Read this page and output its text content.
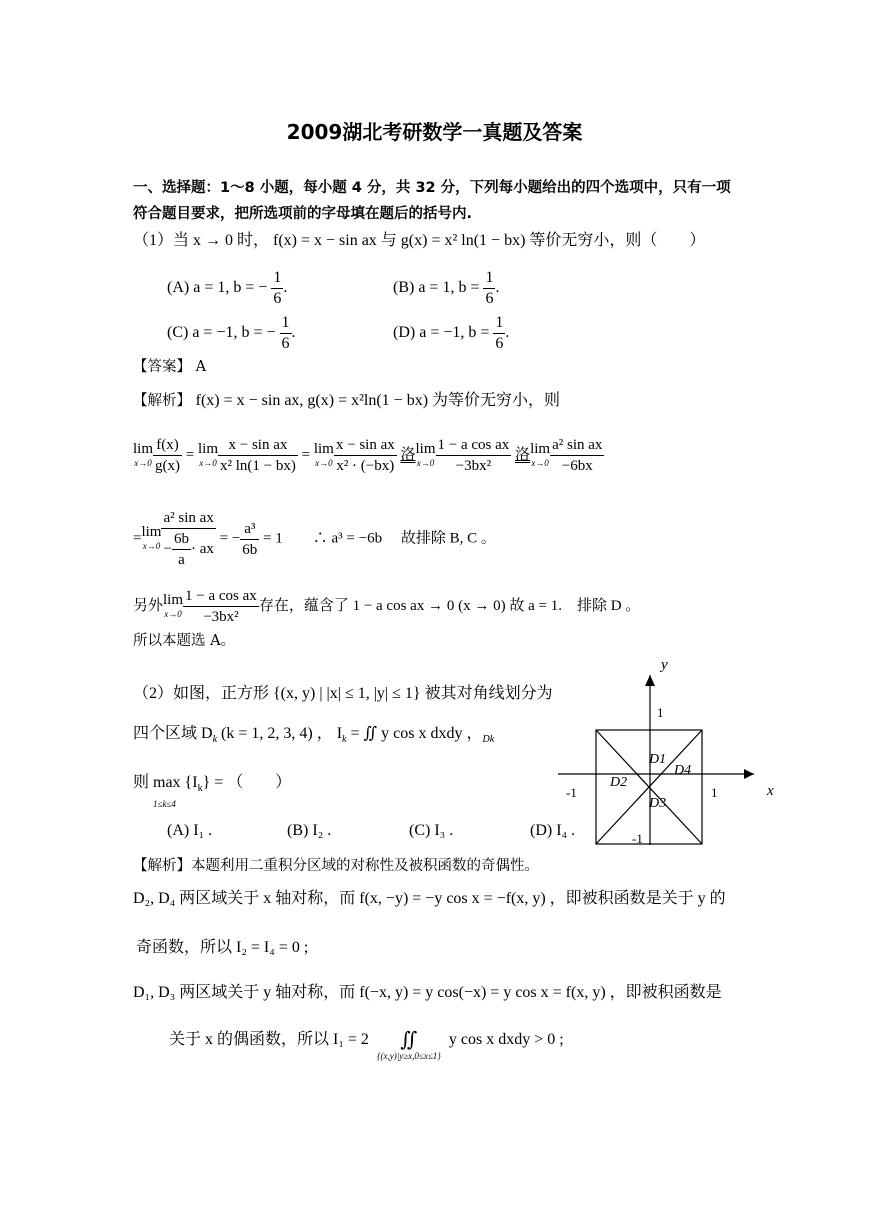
2009湖北考研数学一真题及答案
一、选择题：1～8 小题，每小题 4 分，共 32 分，下列每小题给出的四个选项中，只有一项
符合题目要求，把所选项前的字母填在题后的括号内.
（1）当 x → 0 时， f(x) = x − sin ax 与 g(x) = x² ln(1 − bx) 等价无穷小，则（　　）
(A) a = 1, b = − $\frac{1}{6}$ .	(B) a = 1, $b = \frac{1}{6}$ .
(C) a = −1, b = − $\frac{1}{6}$ .	(D) a = −1, $b = \frac{1}{6}$ .
【答案】 A
【解析】 f(x) = x − sin ax, g(x) = x²ln(1 − bx) 为等价无穷小，则
lim
$x\to 0 \frac{f(x)}{g(x)} = \lim$
$x\to 0 \frac{\text{x − sin ax}}{\text{x² ln(1 − bx)}} = \lim$
$x\to 0 \frac{\text{x − sin ax}}{\text{x² · (−bx)}}$ 洛lim
$x\to 0 \frac{\text{1 − a cos ax}}{\text{−3bx²}}$ 洛lim
$x\to 0 \frac{\text{a² sin ax}}{-6bx}$
=lim
$x\to 0 \frac{\text{a² sin ax}}{- \frac{6b}{a} \cdot ax}$ = − $\frac{\text{a³}}{6b} = 1$　　∴ a³ = −6b　 故排除 B, C 。
另外lim
$x\to 0 \frac{\text{1 − a cos ax}}{\text{−3bx²}}$ 存在，蕴含了 1 − a cos ax → 0 (x → 0) 故 a = 1.　排除 D 。
所以本题选 A。
（2）如图，正方形 {(x, y) | |x| ≤ 1, |y| ≤ 1} 被其对角线划分为
四个区域 $D_k$ (k = 1, 2, 3, 4) ， $I_k$ = ∬ y cos x dxdy ，$_{Dk}$
则 $\max \{I_k\}$ = （　　）
1≤k≤4
(A) I₁ .	(B) I₂ .	(C) I₃ .	(D) I₄ .
【解析】本题利用二重积分区域的对称性及被积函数的奇偶性。
D₂, D₄ 两区域关于 x 轴对称，而 f(x, −y) = −y cos x = −f(x, y) ，即被积函数是关于 y 的
奇函数，所以 I₂ = I₄ = 0 ;
D₁, D₃ 两区域关于 y 轴对称，而 f(−x, y) = y cos(−x) = y cos x = f(x, y) ，即被积函数是
关于 x 的偶函数，所以 I₁ = 2	∬
{(x,y)|y≥x,0≤x≤1}
y cos x dxdy > 0 ;
y
x
1
-1
-1	1
D1
D2
D3
D4
